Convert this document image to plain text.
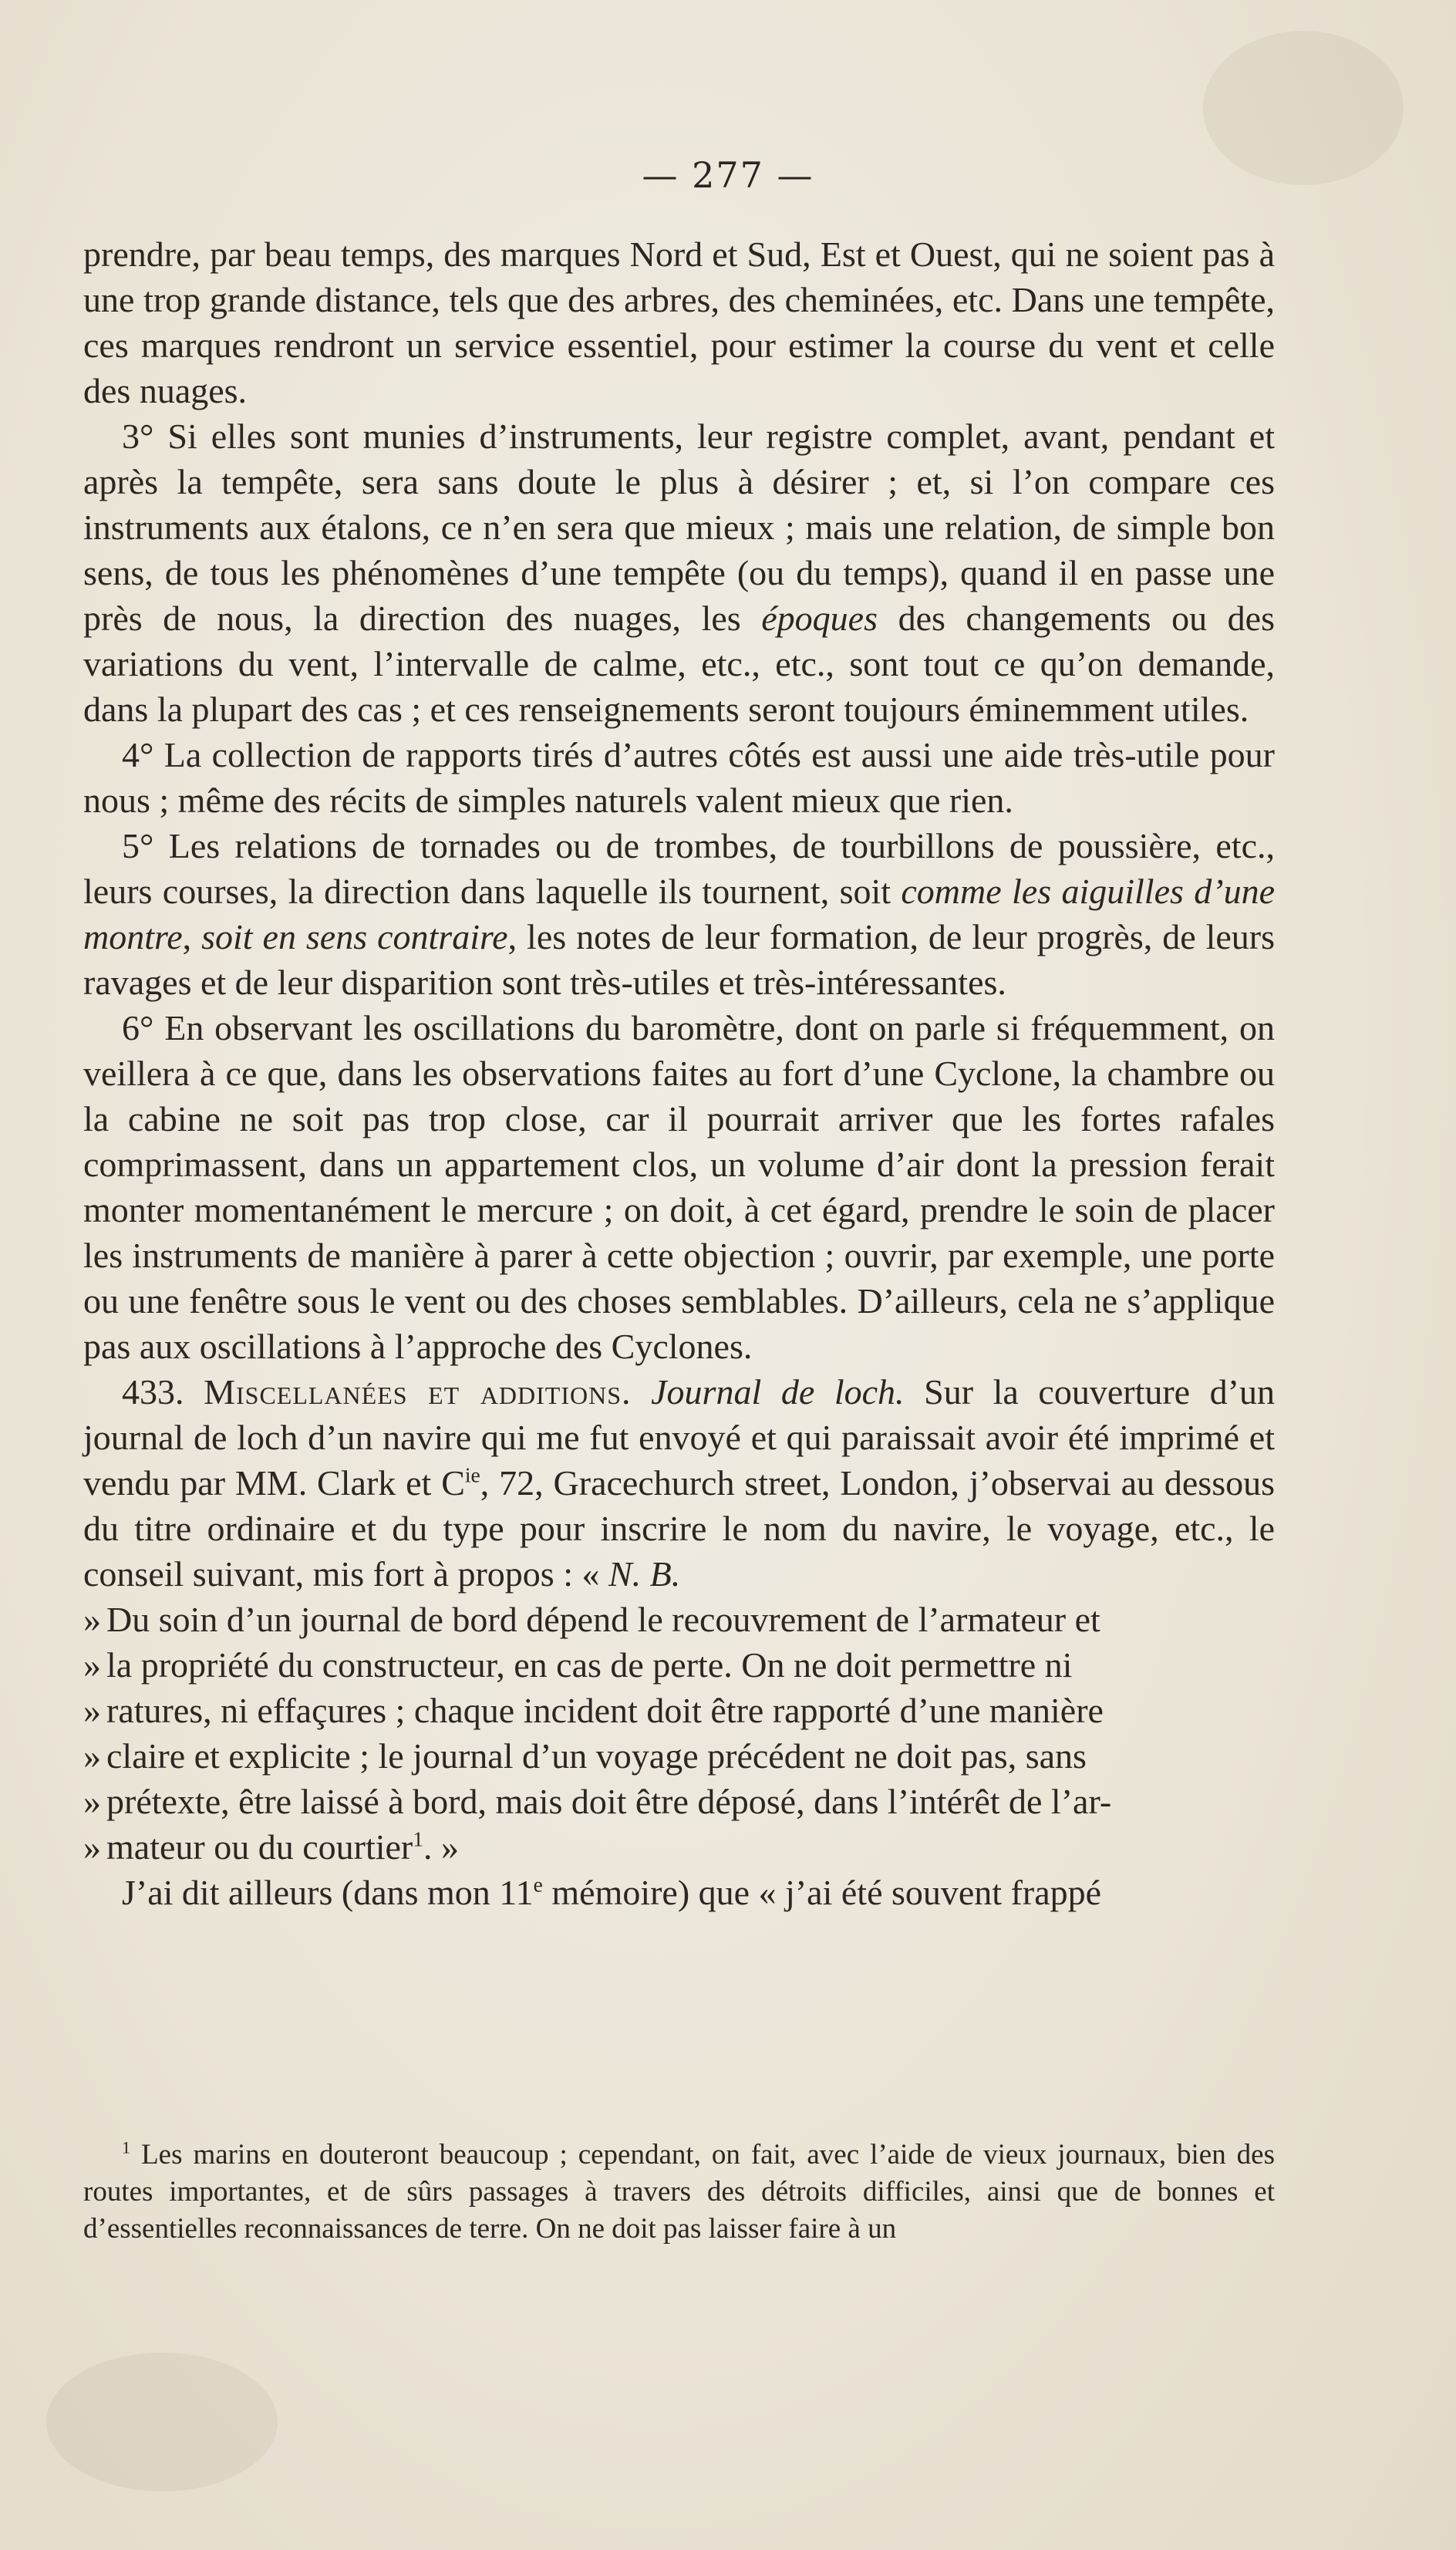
— 277 —

prendre, par beau temps, des marques Nord et Sud, Est et Ouest, qui ne soient pas à une trop grande distance, tels que des arbres, des cheminées, etc. Dans une tempête, ces marques rendront un service essentiel, pour estimer la course du vent et celle des nuages.

3° Si elles sont munies d’instruments, leur registre complet, avant, pendant et après la tempête, sera sans doute le plus à désirer ; et, si l’on compare ces instruments aux étalons, ce n’en sera que mieux ; mais une relation, de simple bon sens, de tous les phénomènes d’une tempête (ou du temps), quand il en passe une près de nous, la direction des nuages, les époques des changements ou des variations du vent, l’intervalle de calme, etc., etc., sont tout ce qu’on demande, dans la plupart des cas ; et ces renseignements seront toujours éminemment utiles.

4° La collection de rapports tirés d’autres côtés est aussi une aide très-utile pour nous ; même des récits de simples naturels valent mieux que rien.

5° Les relations de tornades ou de trombes, de tourbillons de poussière, etc., leurs courses, la direction dans laquelle ils tournent, soit comme les aiguilles d’une montre, soit en sens contraire, les notes de leur formation, de leur progrès, de leurs ravages et de leur disparition sont très-utiles et très-intéressantes.

6° En observant les oscillations du baromètre, dont on parle si fréquemment, on veillera à ce que, dans les observations faites au fort d’une Cyclone, la chambre ou la cabine ne soit pas trop close, car il pourrait arriver que les fortes rafales comprimassent, dans un appartement clos, un volume d’air dont la pression ferait monter momentanément le mercure ; on doit, à cet égard, prendre le soin de placer les instruments de manière à parer à cette objection ; ouvrir, par exemple, une porte ou une fenêtre sous le vent ou des choses semblables. D’ailleurs, cela ne s’applique pas aux oscillations à l’approche des Cyclones.

433. Miscellanées et additions. Journal de loch. Sur la couverture d’un journal de loch d’un navire qui me fut envoyé et qui paraissait avoir été imprimé et vendu par MM. Clark et $C^{ie}$, 72, Gracechurch street, London, j’observai au dessous du titre ordinaire et du type pour inscrire le nom du navire, le voyage, etc., le conseil suivant, mis fort à propos : « N. B.

» Du soin d’un journal de bord dépend le recouvrement de l’armateur et
» la propriété du constructeur, en cas de perte. On ne doit permettre ni
» ratures, ni effaçures ; chaque incident doit être rapporté d’une manière
» claire et explicite ; le journal d’un voyage précédent ne doit pas, sans
» prétexte, être laissé à bord, mais doit être déposé, dans l’intérêt de l’ar-
» mateur ou du courtier$^1$. »

J’ai dit ailleurs (dans mon 11e mémoire) que « j’ai été souvent frappé

$^1$ Les marins en douteront beaucoup ; cependant, on fait, avec l’aide de vieux journaux, bien des routes importantes, et de sûrs passages à travers des détroits difficiles, ainsi que de bonnes et d’essentielles reconnaissances de terre. On ne doit pas laisser faire à un
